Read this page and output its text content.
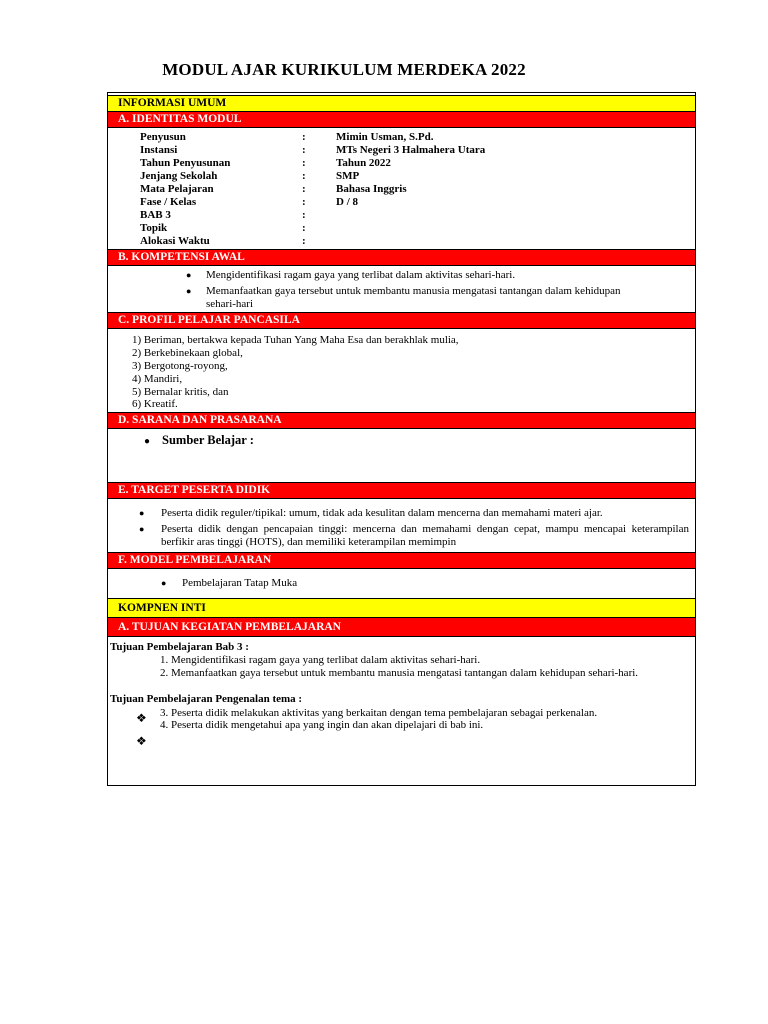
MODUL AJAR KURIKULUM MERDEKA 2022
INFORMASI UMUM
A. IDENTITAS MODUL
Penyusun	:	Mimin Usman, S.Pd.
Instansi	:	MTs Negeri 3 Halmahera Utara
Tahun Penyusunan	:	Tahun 2022
Jenjang Sekolah	:	SMP
Mata Pelajaran	:	Bahasa Inggris
Fase / Kelas	:	D / 8
BAB 3	:
Topik	:
Alokasi Waktu	:
B. KOMPETENSI AWAL
● Mengidentifikasi ragam gaya yang terlibat dalam aktivitas sehari-hari.
● Memanfaatkan gaya tersebut untuk membantu manusia mengatasi tantangan dalam kehidupan sehari-hari
C. PROFIL PELAJAR PANCASILA
1) Beriman, bertakwa kepada Tuhan Yang Maha Esa dan berakhlak mulia,
2) Berkebinekaan global,
3) Bergotong-royong,
4) Mandiri,
5) Bernalar kritis, dan
6) Kreatif.
D. SARANA DAN PRASARANA
● Sumber Belajar :
E. TARGET PESERTA DIDIK
● Peserta didik reguler/tipikal: umum, tidak ada kesulitan dalam mencerna dan memahami materi ajar.
● Peserta didik dengan pencapaian tinggi: mencerna dan memahami dengan cepat, mampu mencapai keterampilan berfikir aras tinggi (HOTS), dan memiliki keterampilan memimpin
F. MODEL PEMBELAJARAN
● Pembelajaran Tatap Muka
KOMPNEN INTI
A. TUJUAN KEGIATAN PEMBELAJARAN
Tujuan Pembelajaran Bab 3 :
1. Mengidentifikasi ragam gaya yang terlibat dalam aktivitas sehari-hari.
2. Memanfaatkan gaya tersebut untuk membantu manusia mengatasi tantangan dalam kehidupan sehari-hari.
Tujuan Pembelajaran Pengenalan tema :
❖ 3. Peserta didik melakukan aktivitas yang berkaitan dengan tema pembelajaran sebagai perkenalan.
4. Peserta didik mengetahui apa yang ingin dan akan dipelajari di bab ini.
❖
